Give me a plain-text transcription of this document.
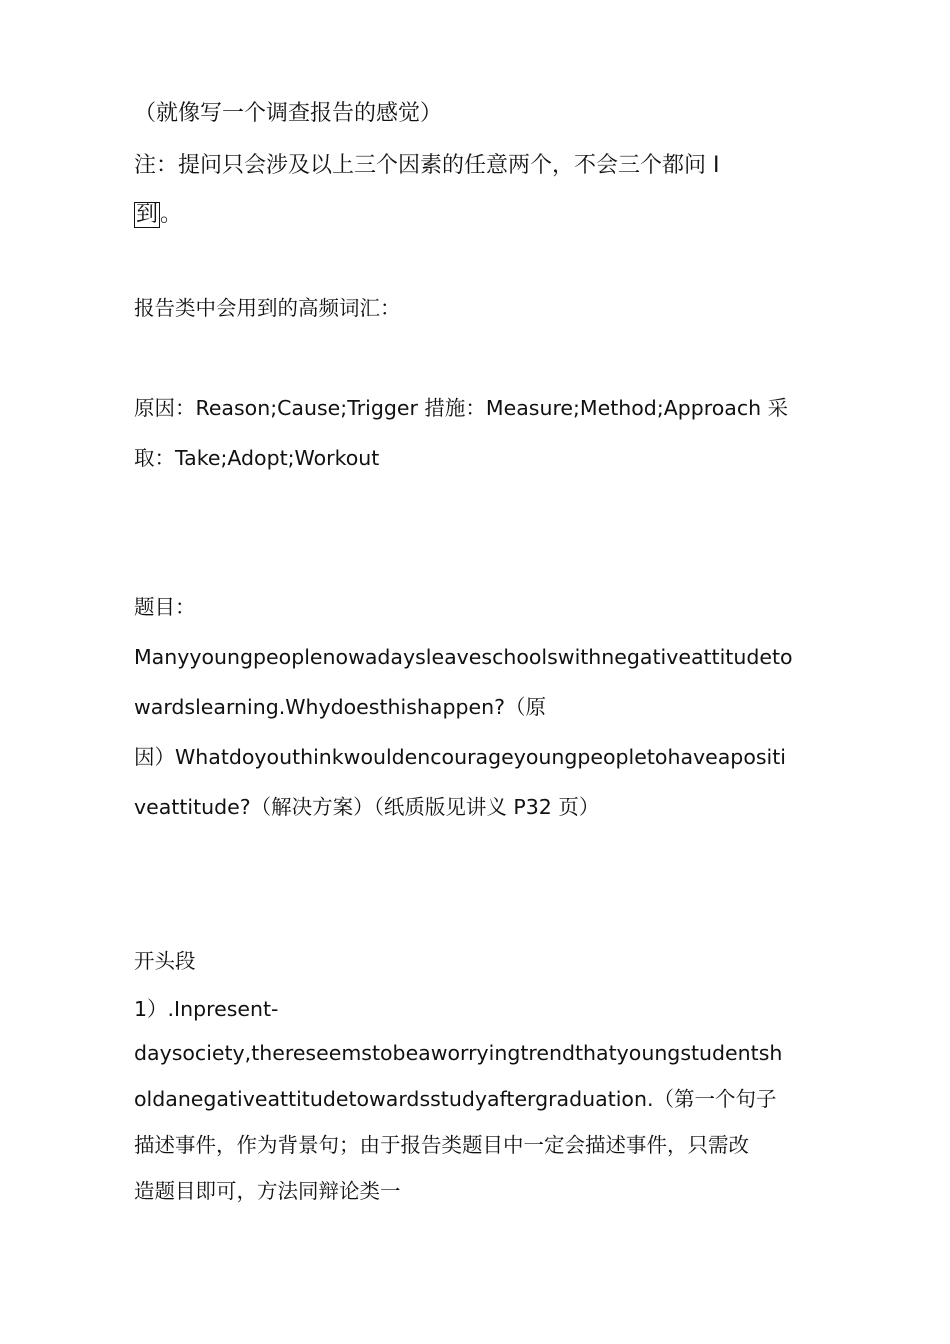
（就像写一个调查报告的感觉）
注：提问只会涉及以上三个因素的任意两个，不会三个都问 I
到。
报告类中会用到的高频词汇：
原因：Reason;Cause;Trigger 措施：Measure;Method;Approach 采
取：Take;Adopt;Workout
题目：
Manyyoungpeoplenowadaysleaveschoolswithnegativeattitudeto
wardslearning.Whydoesthishappen?（原
因）Whatdoyouthinkwouldencourageyoungpeopletohaveapositi
veattitude?（解决方案）（纸质版见讲义 P32 页）
开头段
1）.Inpresent-
daysociety,thereseemstobeaworryingtrendthatyoungstudentsh
oldanegativeattitudetowardsstudyaftergraduation.（第一个句子
描述事件，作为背景句；由于报告类题目中一定会描述事件，只需改
造题目即可，方法同辩论类一
